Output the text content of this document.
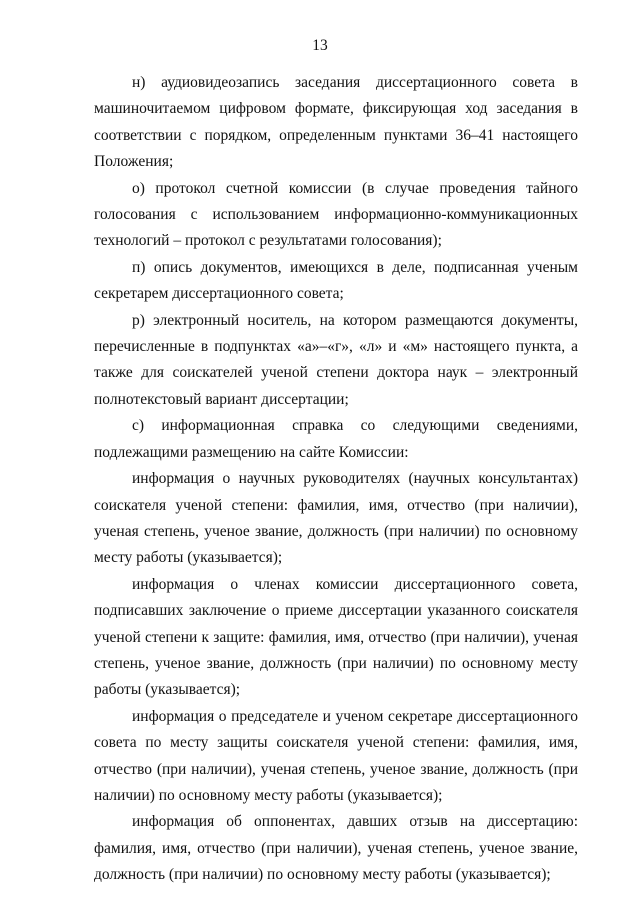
13

н) аудиовидеозапись заседания диссертационного совета в машиночитаемом цифровом формате, фиксирующая ход заседания в соответствии с порядком, определенным пунктами 36–41 настоящего Положения;

о) протокол счетной комиссии (в случае проведения тайного голосования с использованием информационно-коммуникационных технологий – протокол с результатами голосования);

п) опись документов, имеющихся в деле, подписанная ученым секретарем диссертационного совета;

р) электронный носитель, на котором размещаются документы, перечисленные в подпунктах «а»–«г», «л» и «м» настоящего пункта, а также для соискателей ученой степени доктора наук – электронный полнотекстовый вариант диссертации;

с) информационная справка со следующими сведениями, подлежащими размещению на сайте Комиссии:

информация о научных руководителях (научных консультантах) соискателя ученой степени: фамилия, имя, отчество (при наличии), ученая степень, ученое звание, должность (при наличии) по основному месту работы (указывается);

информация о членах комиссии диссертационного совета, подписавших заключение о приеме диссертации указанного соискателя ученой степени к защите: фамилия, имя, отчество (при наличии), ученая степень, ученое звание, должность (при наличии) по основному месту работы (указывается);

информация о председателе и ученом секретаре диссертационного совета по месту защиты соискателя ученой степени: фамилия, имя, отчество (при наличии), ученая степень, ученое звание, должность (при наличии) по основному месту работы (указывается);

информация об оппонентах, давших отзыв на диссертацию: фамилия, имя, отчество (при наличии), ученая степень, ученое звание, должность (при наличии) по основному месту работы (указывается);
